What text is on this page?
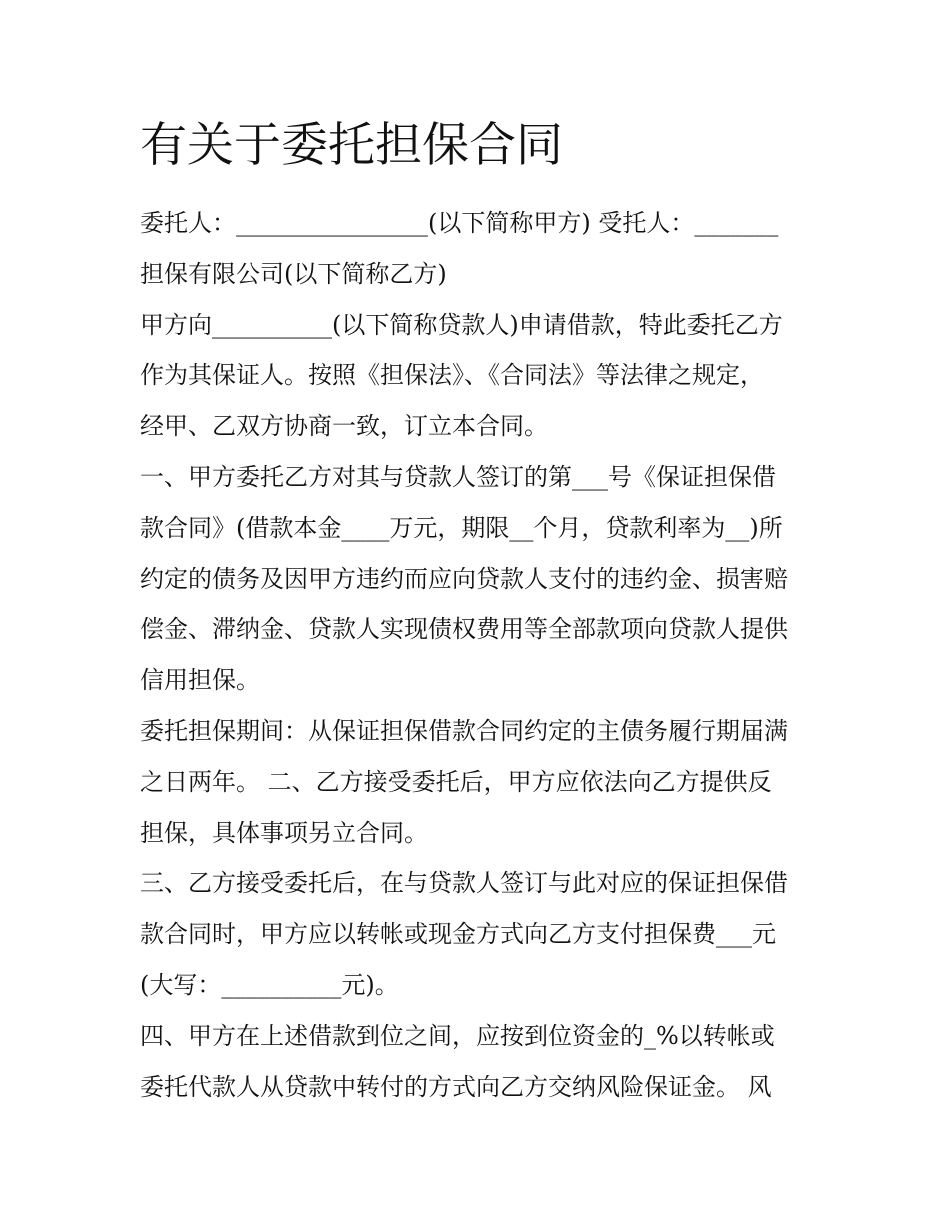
有关于委托担保合同
委托人：________________(以下简称甲方) 受托人：_______
担保有限公司(以下简称乙方)
甲方向__________(以下简称贷款人)申请借款，特此委托乙方
作为其保证人。按照《担保法》、《合同法》等法律之规定，
经甲、乙双方协商一致，订立本合同。
一、甲方委托乙方对其与贷款人签订的第___号《保证担保借
款合同》(借款本金____万元，期限__个月，贷款利率为__)所
约定的债务及因甲方违约而应向贷款人支付的违约金、损害赔
偿金、滞纳金、贷款人实现债权费用等全部款项向贷款人提供
信用担保。
委托担保期间：从保证担保借款合同约定的主债务履行期届满
之日两年。 二、乙方接受委托后，甲方应依法向乙方提供反
担保，具体事项另立合同。
三、乙方接受委托后，在与贷款人签订与此对应的保证担保借
款合同时，甲方应以转帐或现金方式向乙方支付担保费___元
(大写：__________元)。
四、甲方在上述借款到位之间，应按到位资金的_%以转帐或
委托代款人从贷款中转付的方式向乙方交纳风险保证金。 风
